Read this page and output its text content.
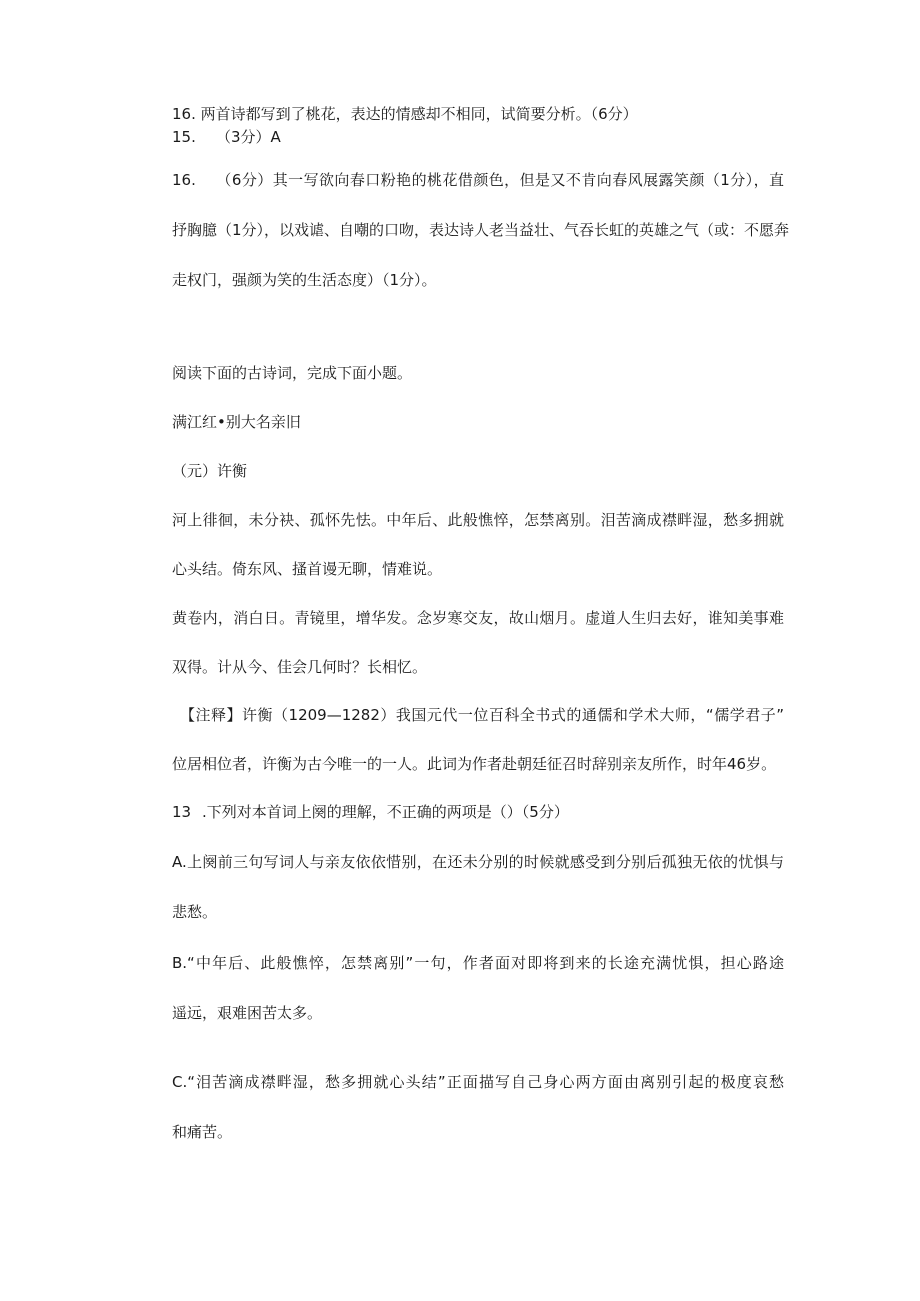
16. 两首诗都写到了桃花，表达的情感却不相同，试简要分析。（6分）
15. （3分）A
16. （6分）其一写欲向春口粉艳的桃花借颜色，但是又不肯向春风展露笑颜（1分），直
抒胸臆（1分），以戏谑、自嘲的口吻，表达诗人老当益壮、气吞长虹的英雄之气（或：不愿奔
走权门，强颜为笑的生活态度）（1分）。
阅读下面的古诗词，完成下面小题。
满江红•别大名亲旧
（元）许衡
河上徘徊，未分袂、孤怀先怯。中年后、此般憔悴，怎禁离别。泪苦滴成襟畔湿，愁多拥就
心头结。倚东风、搔首谩无聊，情难说。
黄卷内，消白日。青镜里，增华发。念岁寒交友，故山烟月。虚道人生归去好，谁知美事难
双得。计从今、佳会几何时？长相忆。
【注释】许衡（1209—1282）我国元代一位百科全书式的通儒和学术大师，“儒学君子”
位居相位者，许衡为古今唯一的一人。此词为作者赴朝廷征召时辞别亲友所作，时年46岁。
13 .下列对本首词上阕的理解，不正确的两项是（）（5分）
A.上阕前三句写词人与亲友依依惜别，在还未分别的时候就感受到分别后孤独无依的忧惧与
悲愁。
B.“中年后、此般憔悴，怎禁离别”一句，作者面对即将到来的长途充满忧惧，担心路途
遥远，艰难困苦太多。
C.“泪苦滴成襟畔湿，愁多拥就心头结”正面描写自己身心两方面由离别引起的极度哀愁
和痛苦。
